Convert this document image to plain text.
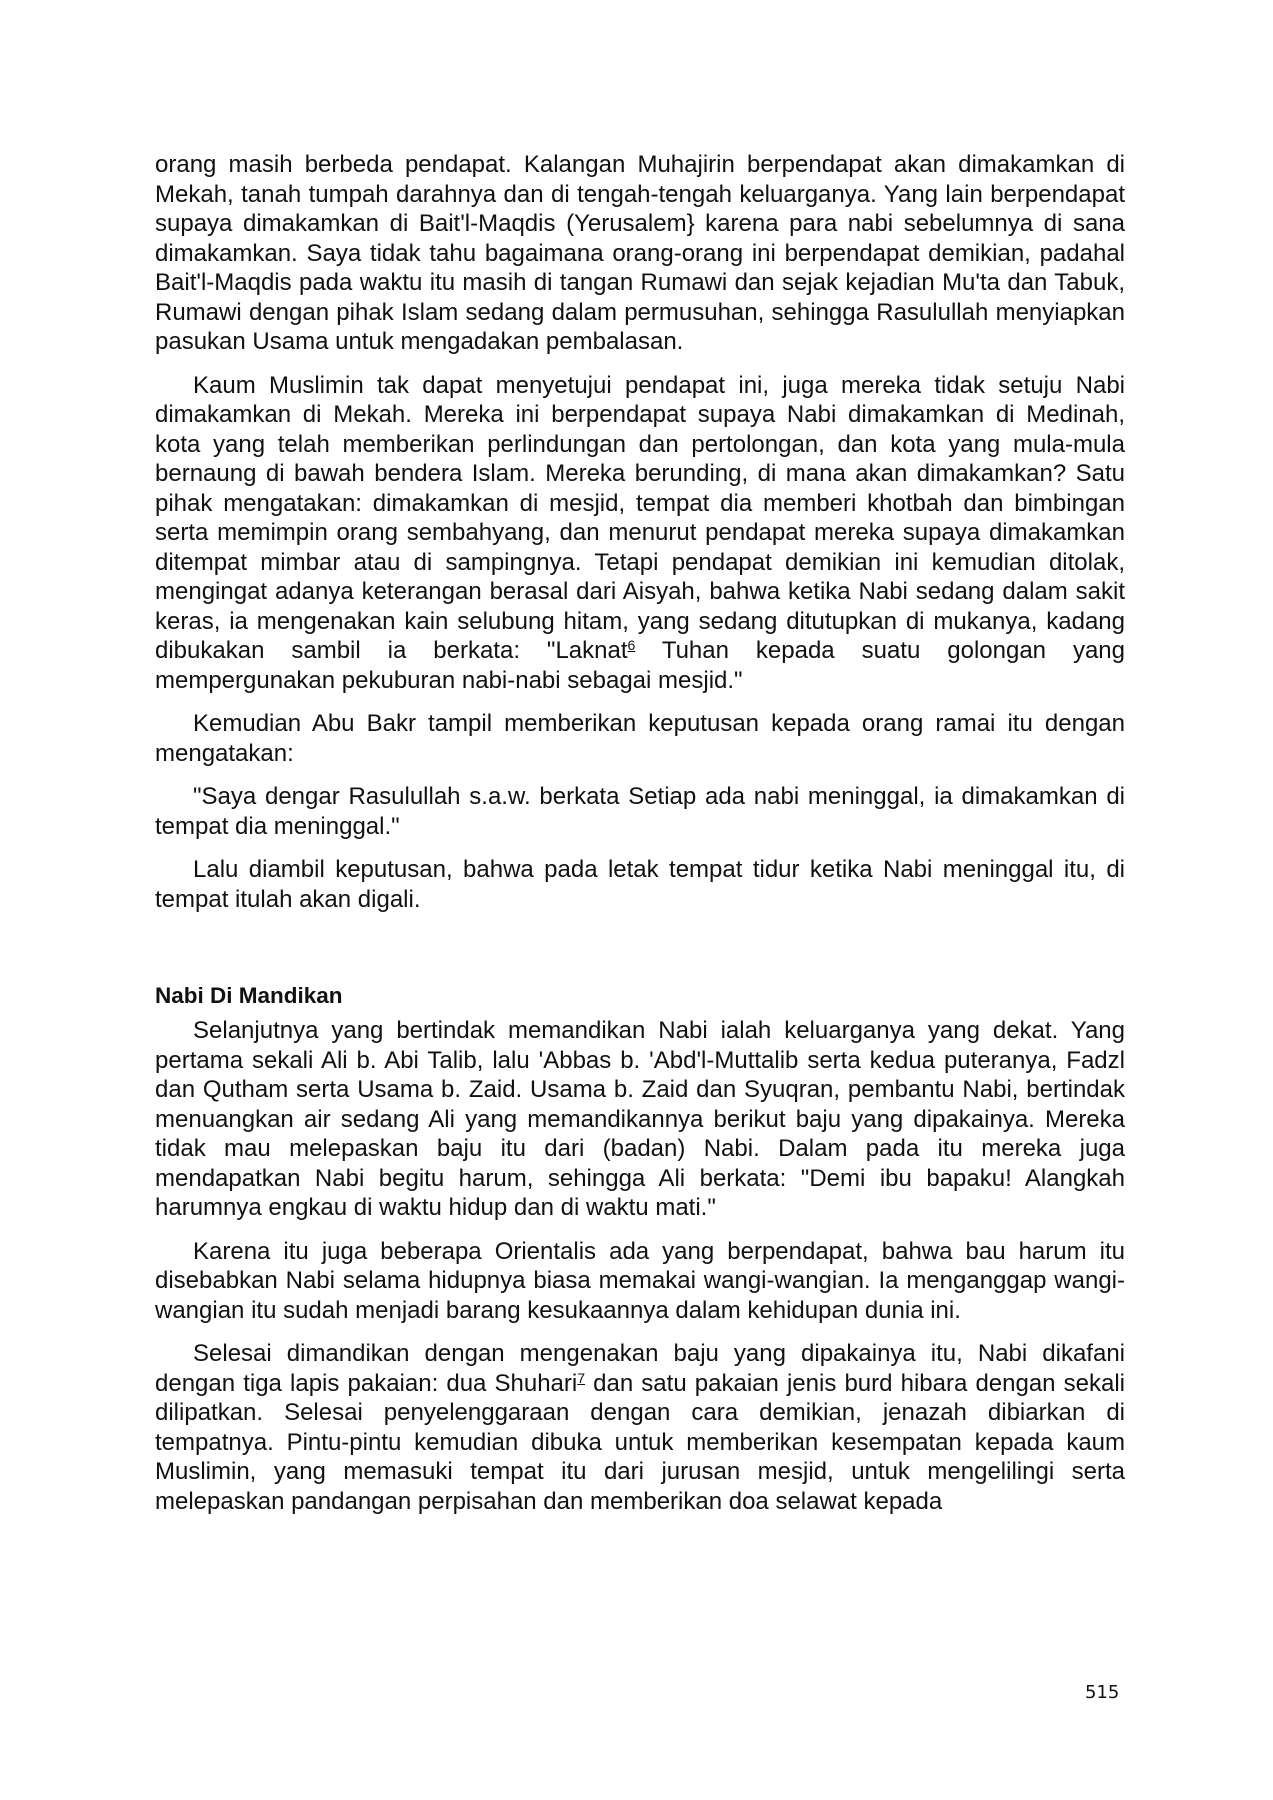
orang masih berbeda pendapat. Kalangan Muhajirin berpendapat akan dimakamkan di Mekah, tanah tumpah darahnya dan di tengah-tengah keluarganya. Yang lain berpendapat supaya dimakamkan di Bait'l-Maqdis (Yerusalem} karena para nabi sebelumnya di sana dimakamkan. Saya tidak tahu bagaimana orang-orang ini berpendapat demikian, padahal Bait'l-Maqdis pada waktu itu masih di tangan Rumawi dan sejak kejadian Mu'ta dan Tabuk, Rumawi dengan pihak Islam sedang dalam permusuhan, sehingga Rasulullah menyiapkan pasukan Usama untuk mengadakan pembalasan.

Kaum Muslimin tak dapat menyetujui pendapat ini, juga mereka tidak setuju Nabi dimakamkan di Mekah. Mereka ini berpendapat supaya Nabi dimakamkan di Medinah, kota yang telah memberikan perlindungan dan pertolongan, dan kota yang mula-mula bernaung di bawah bendera Islam. Mereka berunding, di mana akan dimakamkan? Satu pihak mengatakan: dimakamkan di mesjid, tempat dia memberi khotbah dan bimbingan serta memimpin orang sembahyang, dan menurut pendapat mereka supaya dimakamkan ditempat mimbar atau di sampingnya. Tetapi pendapat demikian ini kemudian ditolak, mengingat adanya keterangan berasal dari Aisyah, bahwa ketika Nabi sedang dalam sakit keras, ia mengenakan kain selubung hitam, yang sedang ditutupkan di mukanya, kadang dibukakan sambil ia berkata: "Laknat$^6$ Tuhan kepada suatu golongan yang mempergunakan pekuburan nabi-nabi sebagai mesjid."

Kemudian Abu Bakr tampil memberikan keputusan kepada orang ramai itu dengan mengatakan:

"Saya dengar Rasulullah s.a.w. berkata Setiap ada nabi meninggal, ia dimakamkan di tempat dia meninggal."

Lalu diambil keputusan, bahwa pada letak tempat tidur ketika Nabi meninggal itu, di tempat itulah akan digali.

Nabi Di Mandikan

Selanjutnya yang bertindak memandikan Nabi ialah keluarganya yang dekat. Yang pertama sekali Ali b. Abi Talib, lalu 'Abbas b. 'Abd'l-Muttalib serta kedua puteranya, Fadzl dan Qutham serta Usama b. Zaid. Usama b. Zaid dan Syuqran, pembantu Nabi, bertindak menuangkan air sedang Ali yang memandikannya berikut baju yang dipakainya. Mereka tidak mau melepaskan baju itu dari (badan) Nabi. Dalam pada itu mereka juga mendapatkan Nabi begitu harum, sehingga Ali berkata: "Demi ibu bapaku! Alangkah harumnya engkau di waktu hidup dan di waktu mati."

Karena itu juga beberapa Orientalis ada yang berpendapat, bahwa bau harum itu disebabkan Nabi selama hidupnya biasa memakai wangi-wangian. Ia menganggap wangi-wangian itu sudah menjadi barang kesukaannya dalam kehidupan dunia ini.

Selesai dimandikan dengan mengenakan baju yang dipakainya itu, Nabi dikafani dengan tiga lapis pakaian: dua Shuhari$^7$ dan satu pakaian jenis burd hibara dengan sekali dilipatkan. Selesai penyelenggaraan dengan cara demikian, jenazah dibiarkan di tempatnya. Pintu-pintu kemudian dibuka untuk memberikan kesempatan kepada kaum Muslimin, yang memasuki tempat itu dari jurusan mesjid, untuk mengelilingi serta melepaskan pandangan perpisahan dan memberikan doa selawat kepada

515
